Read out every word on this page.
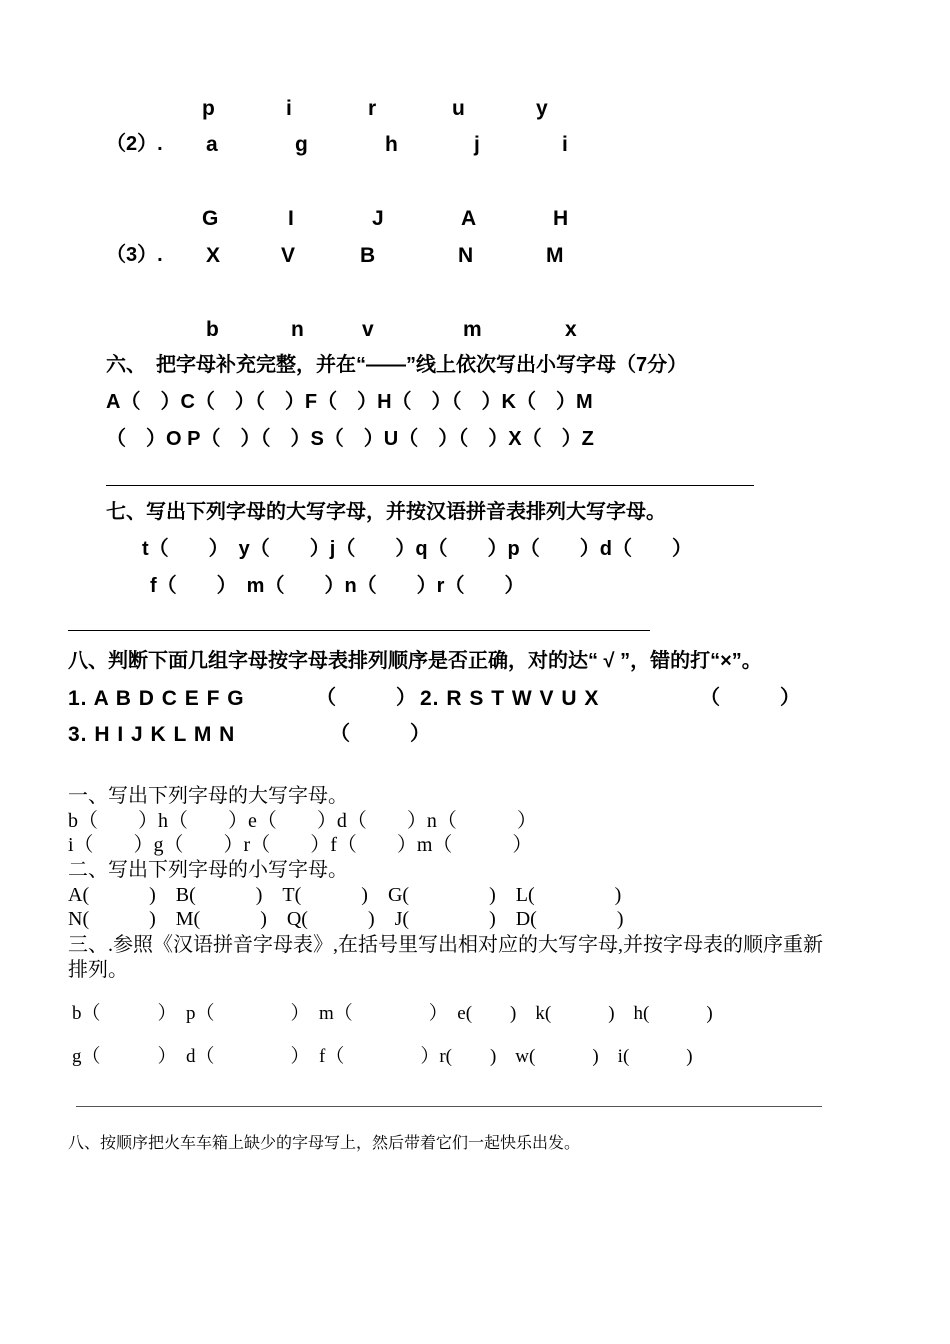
p	i	r	u	y
（2）. a	g	h	j	i
G	I	J	A	H
（3）. X	V	B	N	M
b	n	v	m	x
六、　把字母补充完整，并在“——”线上依次写出小写字母（7分）
A（　）C（　）（　）F（　）H（　）（　）K（　）M
（　）O P（　）（　）S（　）U（　）（　）X（　）Z
七、写出下列字母的大写字母，并按汉语拼音表排列大写字母。
t（　　）　y（　　）j（　　）q（　　）p（　　）d（　　）
f（　　）　m（　　）n（　　）r（　　）
八、判断下面几组字母按字母表排列顺序是否正确，对的达“ √ ”，错的打“×”。
1. A B D C E F G	（　　　） 2. R S T W V U X	（　　　）
3. H I J K L M N	（　　　）
一、写出下列字母的大写字母。
b（　　）h（　　）e（　　）d（　　）n（　　　）
i（　　）g（　　）r（　　）f（　　）m（　　　）
二、写出下列字母的小写字母。
A(　　　)　B(　　　)　T(　　　)　G(　　　　)　L(　　　　)
N(　　　)　M(　　　)　Q(　　　)　J(　　　　)　D(　　　　)
三、.参照《汉语拼音字母表》,在括号里写出相对应的大写字母,并按字母表的顺序重新
排列。
b（　　　）　p（　　　　）　m（　　　　）　e(　　)　k(　　　)　h(　　　)
g（　　　）　d（　　　　）　f（　　　　）r(　　)　w(　　　)　i(　　　)
八、按顺序把火车车箱上缺少的字母写上，然后带着它们一起快乐出发。
